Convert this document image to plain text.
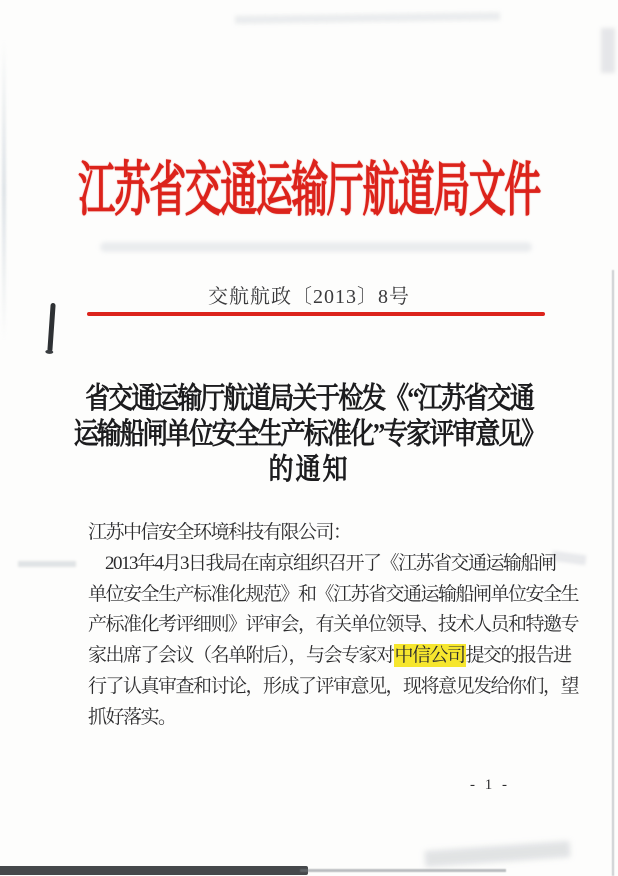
江苏省交通运输厅航道局文件
交航航政〔2013〕8号
省交通运输厅航道局关于检发《“江苏省交通
运输船闸单位安全生产标准化”专家评审意见》
的通知
江苏中信安全环境科技有限公司：
2013年4月3日我局在南京组织召开了《江苏省交通运输船闸
单位安全生产标准化规范》和《江苏省交通运输船闸单位安全生
产标准化考评细则》评审会，有关单位领导、技术人员和特邀专
家出席了会议（名单附后），与会专家对中信公司提交的报告进
行了认真审查和讨论，形成了评审意见，现将意见发给你们，望
抓好落实。
- 1 -
